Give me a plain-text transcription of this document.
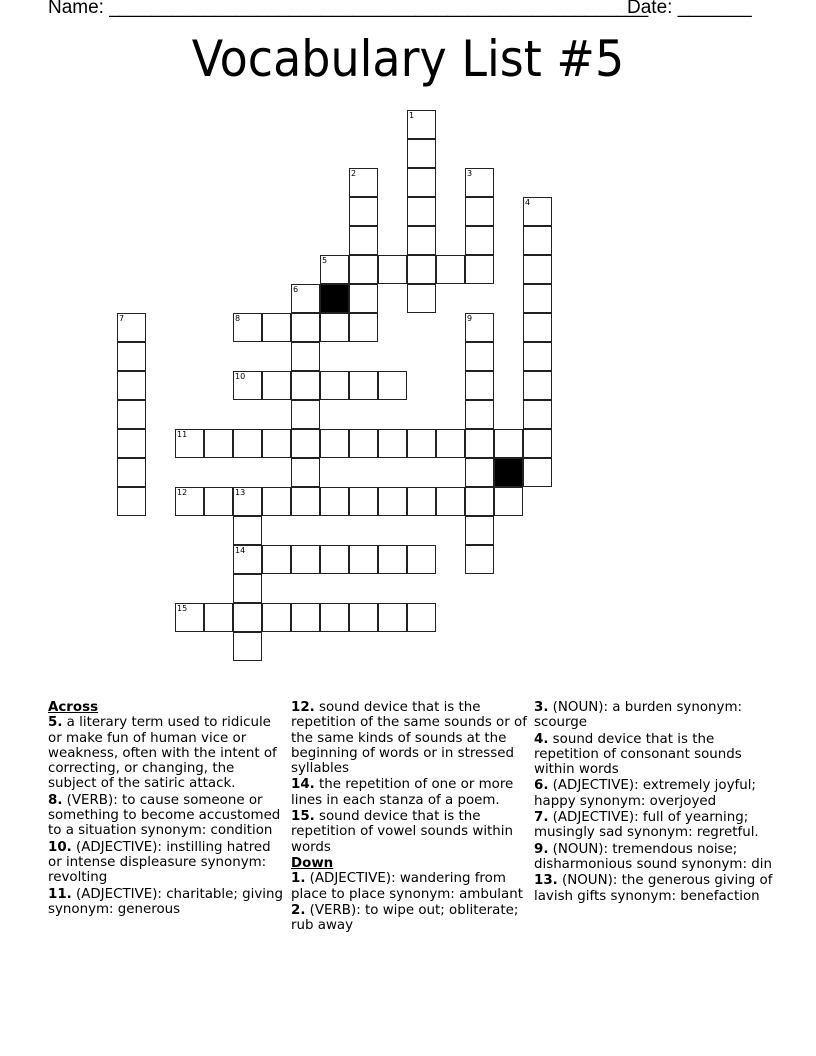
Name: ___________________________________________________
Date: _______
Vocabulary List #5
1
2	3
4
5
6
7	8	9
10
11
12	13
14
15
Across
5. a literary term used to ridicule or make fun of human vice or weakness, often with the intent of correcting, or changing, the subject of the satiric attack.
8. (VERB): to cause someone or something to become accustomed to a situation synonym: condition
10. (ADJECTIVE): instilling hatred or intense displeasure synonym: revolting
11. (ADJECTIVE): charitable; giving synonym: generous
12. sound device that is the repetition of the same sounds or of the same kinds of sounds at the beginning of words or in stressed syllables
14. the repetition of one or more lines in each stanza of a poem.
15. sound device that is the repetition of vowel sounds within words
Down
1. (ADJECTIVE): wandering from place to place synonym: ambulant
2. (VERB): to wipe out; obliterate; rub away
3. (NOUN): a burden synonym: scourge
4. sound device that is the repetition of consonant sounds within words
6. (ADJECTIVE): extremely joyful; happy synonym: overjoyed
7. (ADJECTIVE): full of yearning; musingly sad synonym: regretful.
9. (NOUN): tremendous noise; disharmonious sound synonym: din
13. (NOUN): the generous giving of lavish gifts synonym: benefaction
